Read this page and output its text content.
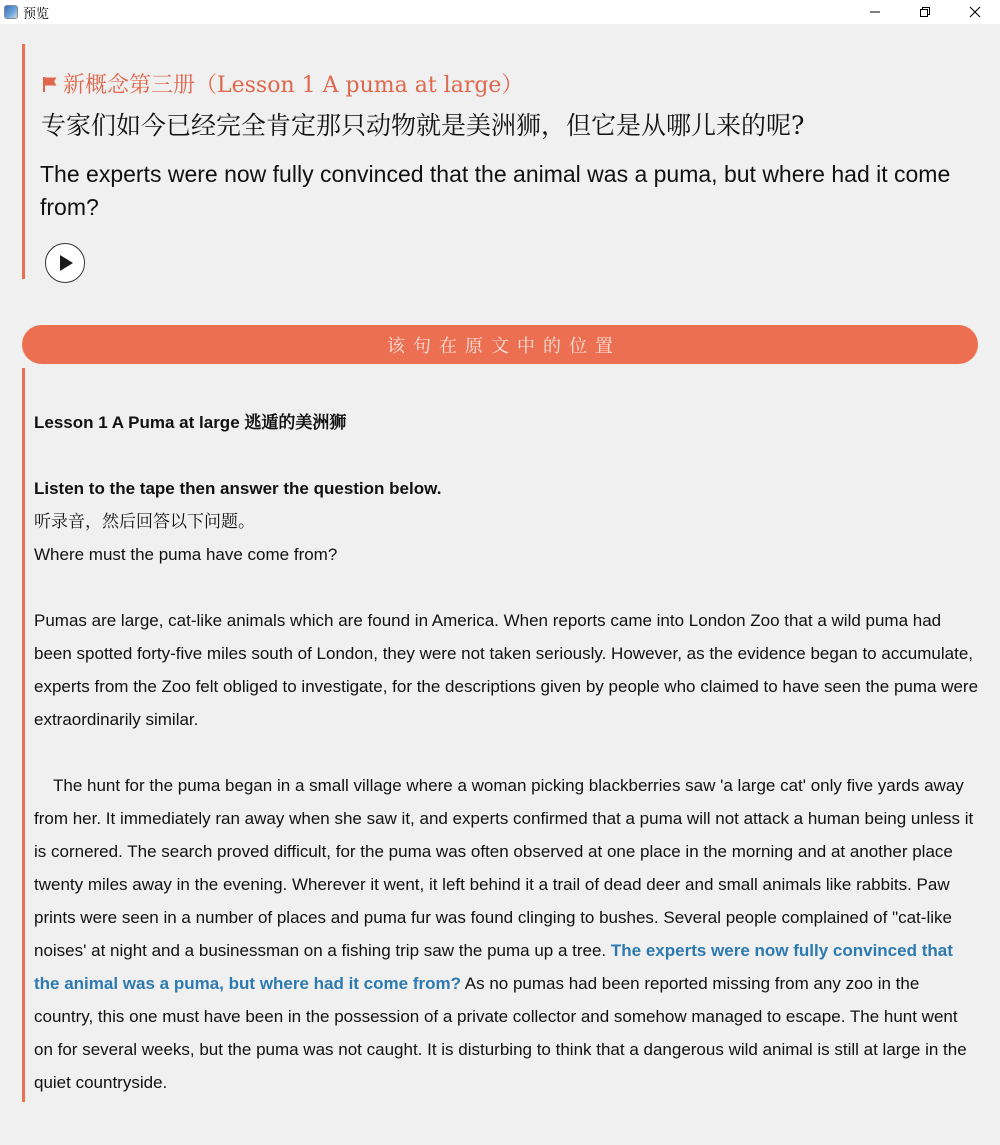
预览
新概念第三册（Lesson 1 A puma at large）
专家们如今已经完全肯定那只动物就是美洲狮，但它是从哪儿来的呢?
The experts were now fully convinced that the animal was a puma, but where had it come from?
该句在原文中的位置

Lesson 1 A Puma at large 逃遁的美洲狮

Listen to the tape then answer the question below.

听录音，然后回答以下问题。

Where must the puma have come from?

Pumas are large, cat-like animals which are found in America. When reports came into London Zoo that a wild puma had been spotted forty-five miles south of London, they were not taken seriously. However, as the evidence began to accumulate, experts from the Zoo felt obliged to investigate, for the descriptions given by people who claimed to have seen the puma were extraordinarily similar.

The hunt for the puma began in a small village where a woman picking blackberries saw 'a large cat' only five yards away from her. It immediately ran away when she saw it, and experts confirmed that a puma will not attack a human being unless it is cornered. The search proved difficult, for the puma was often observed at one place in the morning and at another place twenty miles away in the evening. Wherever it went, it left behind it a trail of dead deer and small animals like rabbits. Paw prints were seen in a number of places and puma fur was found clinging to bushes. Several people complained of "cat-like noises' at night and a businessman on a fishing trip saw the puma up a tree. The experts were now fully convinced that the animal was a puma, but where had it come from? As no pumas had been reported missing from any zoo in the country, this one must have been in the possession of a private collector and somehow managed to escape. The hunt went on for several weeks, but the puma was not caught. It is disturbing to think that a dangerous wild animal is still at large in the quiet countryside.
